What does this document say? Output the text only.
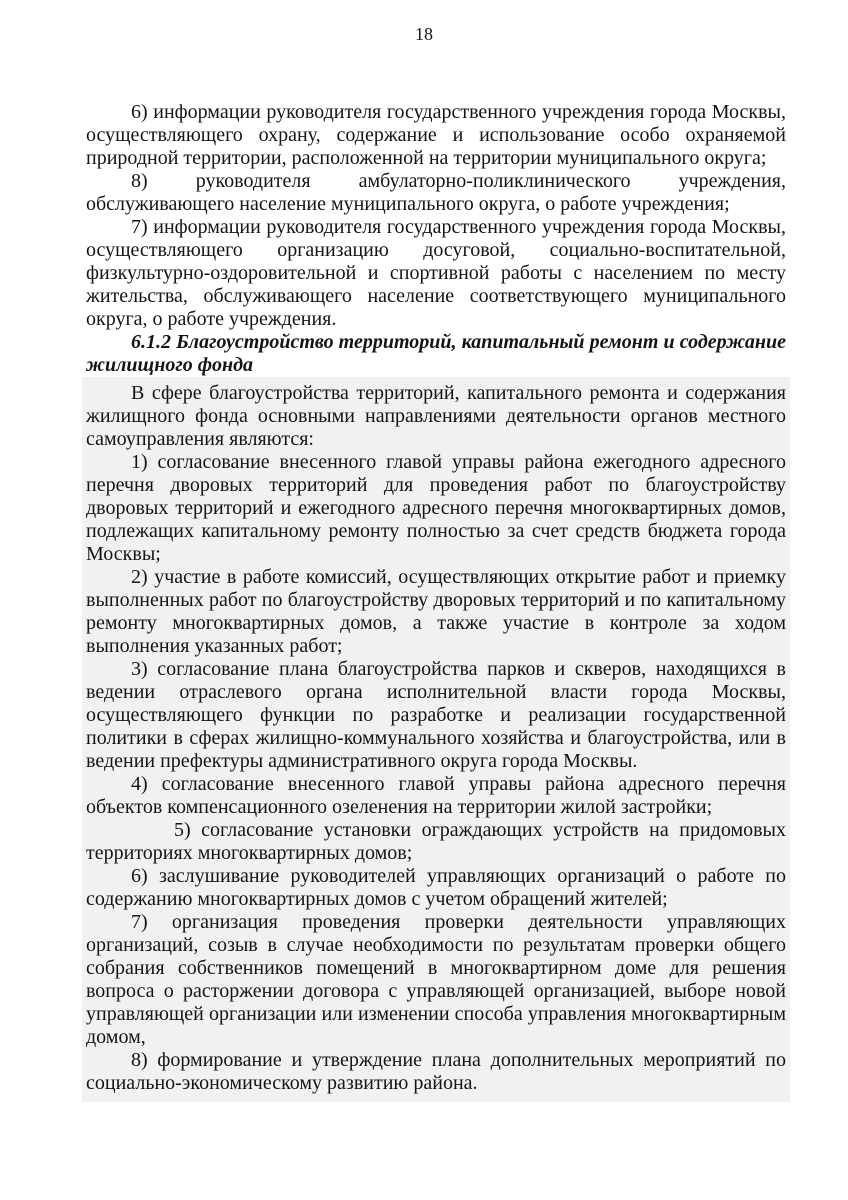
18

6) информации руководителя государственного учреждения города Москвы, осуществляющего охрану, содержание и использование особо охраняемой природной территории, расположенной на территории муниципального округа;

8) руководителя амбулаторно-поликлинического учреждения, обслуживающего население муниципального округа, о работе учреждения;

7) информации руководителя государственного учреждения города Москвы, осуществляющего организацию досуговой, социально-воспитательной, физкультурно-оздоровительной и спортивной работы с населением по месту жительства, обслуживающего население соответствующего муниципального округа, о работе учреждения.

6.1.2 Благоустройство территорий, капитальный ремонт и содержание жилищного фонда

В сфере благоустройства территорий, капитального ремонта и содержания жилищного фонда основными направлениями деятельности органов местного самоуправления являются:

1) согласование внесенного главой управы района ежегодного адресного перечня дворовых территорий для проведения работ по благоустройству дворовых территорий и ежегодного адресного перечня многоквартирных домов, подлежащих капитальному ремонту полностью за счет средств бюджета города Москвы;

2) участие в работе комиссий, осуществляющих открытие работ и приемку выполненных работ по благоустройству дворовых территорий и по капитальному ремонту многоквартирных домов, а также участие в контроле за ходом выполнения указанных работ;

3) согласование плана благоустройства парков и скверов, находящихся в ведении отраслевого органа исполнительной власти города Москвы, осуществляющего функции по разработке и реализации государственной политики в сферах жилищно-коммунального хозяйства и благоустройства, или в ведении префектуры административного округа города Москвы.

4) согласование внесенного главой управы района адресного перечня объектов компенсационного озеленения на территории жилой застройки;

5) согласование установки ограждающих устройств на придомовых территориях многоквартирных домов;

6) заслушивание руководителей управляющих организаций о работе по содержанию многоквартирных домов с учетом обращений жителей;

7) организация проведения проверки деятельности управляющих организаций, созыв в случае необходимости по результатам проверки общего собрания собственников помещений в многоквартирном доме для решения вопроса о расторжении договора с управляющей организацией, выборе новой управляющей организации или изменении способа управления многоквартирным домом,

8) формирование и утверждение плана дополнительных мероприятий по социально-экономическому развитию района.
